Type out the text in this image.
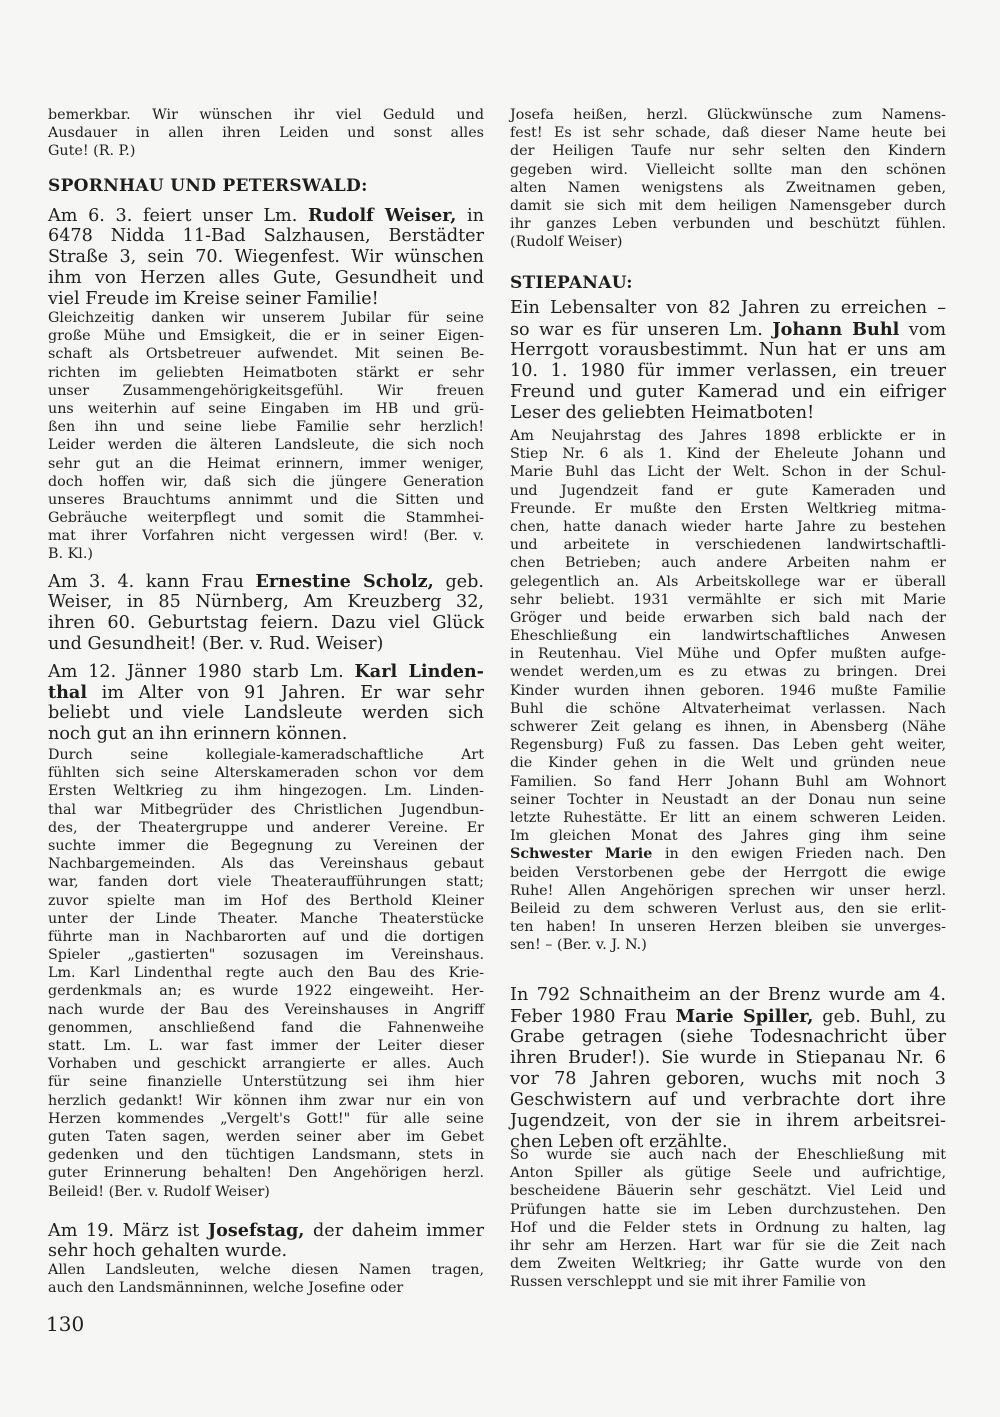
bemerkbar. Wir wünschen ihr viel Geduld und
Ausdauer in allen ihren Leiden und sonst alles
Gute! (R. P.)
SPORNHAU UND PETERSWALD:
Am 6. 3. feiert unser Lm. Rudolf Weiser, in
6478 Nidda 11-Bad Salzhausen, Berstädter
Straße 3, sein 70. Wiegenfest. Wir wünschen
ihm von Herzen alles Gute, Gesundheit und
viel Freude im Kreise seiner Familie!
Gleichzeitig danken wir unserem Jubilar für seine
große Mühe und Emsigkeit, die er in seiner Eigen-
schaft als Ortsbetreuer aufwendet. Mit seinen Be-
richten im geliebten Heimatboten stärkt er sehr
unser Zusammengehörigkeitsgefühl. Wir freuen
uns weiterhin auf seine Eingaben im HB und grü-
ßen ihn und seine liebe Familie sehr herzlich!
Leider werden die älteren Landsleute, die sich noch
sehr gut an die Heimat erinnern, immer weniger,
doch hoffen wir, daß sich die jüngere Generation
unseres Brauchtums annimmt und die Sitten und
Gebräuche weiterpflegt und somit die Stammhei-
mat ihrer Vorfahren nicht vergessen wird! (Ber. v.
B. Kl.)
Am 3. 4. kann Frau Ernestine Scholz, geb.
Weiser, in 85 Nürnberg, Am Kreuzberg 32,
ihren 60. Geburtstag feiern. Dazu viel Glück
und Gesundheit! (Ber. v. Rud. Weiser)
Am 12. Jänner 1980 starb Lm. Karl Linden-
thal im Alter von 91 Jahren. Er war sehr
beliebt und viele Landsleute werden sich
noch gut an ihn erinnern können.
Durch seine kollegiale-kameradschaftliche Art
fühlten sich seine Alterskameraden schon vor dem
Ersten Weltkrieg zu ihm hingezogen. Lm. Linden-
thal war Mitbegrüder des Christlichen Jugendbun-
des, der Theatergruppe und anderer Vereine. Er
suchte immer die Begegnung zu Vereinen der
Nachbargemeinden. Als das Vereinshaus gebaut
war, fanden dort viele Theateraufführungen statt;
zuvor spielte man im Hof des Berthold Kleiner
unter der Linde Theater. Manche Theaterstücke
führte man in Nachbarorten auf und die dortigen
Spieler „gastierten" sozusagen im Vereinshaus.
Lm. Karl Lindenthal regte auch den Bau des Krie-
gerdenkmals an; es wurde 1922 eingeweiht. Her-
nach wurde der Bau des Vereinshauses in Angriff
genommen, anschließend fand die Fahnenweihe
statt. Lm. L. war fast immer der Leiter dieser
Vorhaben und geschickt arrangierte er alles. Auch
für seine finanzielle Unterstützung sei ihm hier
herzlich gedankt! Wir können ihm zwar nur ein von
Herzen kommendes „Vergelt's Gott!" für alle seine
guten Taten sagen, werden seiner aber im Gebet
gedenken und den tüchtigen Landsmann, stets in
guter Erinnerung behalten! Den Angehörigen herzl.
Beileid! (Ber. v. Rudolf Weiser)
Am 19. März ist Josefstag, der daheim immer
sehr hoch gehalten wurde.
Allen Landsleuten, welche diesen Namen tragen,
auch den Landsmänninnen, welche Josefine oder
Josefa heißen, herzl. Glückwünsche zum Namens-
fest! Es ist sehr schade, daß dieser Name heute bei
der Heiligen Taufe nur sehr selten den Kindern
gegeben wird. Vielleicht sollte man den schönen
alten Namen wenigstens als Zweitnamen geben,
damit sie sich mit dem heiligen Namensgeber durch
ihr ganzes Leben verbunden und beschützt fühlen.
(Rudolf Weiser)
STIEPANAU:
Ein Lebensalter von 82 Jahren zu erreichen –
so war es für unseren Lm. Johann Buhl vom
Herrgott vorausbestimmt. Nun hat er uns am
10. 1. 1980 für immer verlassen, ein treuer
Freund und guter Kamerad und ein eifriger
Leser des geliebten Heimatboten!
Am Neujahrstag des Jahres 1898 erblickte er in
Stiep Nr. 6 als 1. Kind der Eheleute Johann und
Marie Buhl das Licht der Welt. Schon in der Schul-
und Jugendzeit fand er gute Kameraden und
Freunde. Er mußte den Ersten Weltkrieg mitma-
chen, hatte danach wieder harte Jahre zu bestehen
und arbeitete in verschiedenen landwirtschaftli-
chen Betrieben; auch andere Arbeiten nahm er
gelegentlich an. Als Arbeitskollege war er überall
sehr beliebt. 1931 vermählte er sich mit Marie
Gröger und beide erwarben sich bald nach der
Eheschließung ein landwirtschaftliches Anwesen
in Reutenhau. Viel Mühe und Opfer mußten aufge-
wendet werden,um es zu etwas zu bringen. Drei
Kinder wurden ihnen geboren. 1946 mußte Familie
Buhl die schöne Altvaterheimat verlassen. Nach
schwerer Zeit gelang es ihnen, in Abensberg (Nähe
Regensburg) Fuß zu fassen. Das Leben geht weiter,
die Kinder gehen in die Welt und gründen neue
Familien. So fand Herr Johann Buhl am Wohnort
seiner Tochter in Neustadt an der Donau nun seine
letzte Ruhestätte. Er litt an einem schweren Leiden.
Im gleichen Monat des Jahres ging ihm seine
Schwester Marie in den ewigen Frieden nach. Den
beiden Verstorbenen gebe der Herrgott die ewige
Ruhe! Allen Angehörigen sprechen wir unser herzl.
Beileid zu dem schweren Verlust aus, den sie erlit-
ten haben! In unseren Herzen bleiben sie unverges-
sen! – (Ber. v. J. N.)
In 792 Schnaitheim an der Brenz wurde am 4.
Feber 1980 Frau Marie Spiller, geb. Buhl, zu
Grabe getragen (siehe Todesnachricht über
ihren Bruder!). Sie wurde in Stiepanau Nr. 6
vor 78 Jahren geboren, wuchs mit noch 3
Geschwistern auf und verbrachte dort ihre
Jugendzeit, von der sie in ihrem arbeitsrei-
chen Leben oft erzählte.
So wurde sie auch nach der Eheschließung mit
Anton Spiller als gütige Seele und aufrichtige,
bescheidene Bäuerin sehr geschätzt. Viel Leid und
Prüfungen hatte sie im Leben durchzustehen. Den
Hof und die Felder stets in Ordnung zu halten, lag
ihr sehr am Herzen. Hart war für sie die Zeit nach
dem Zweiten Weltkrieg; ihr Gatte wurde von den
Russen verschleppt und sie mit ihrer Familie von
130
